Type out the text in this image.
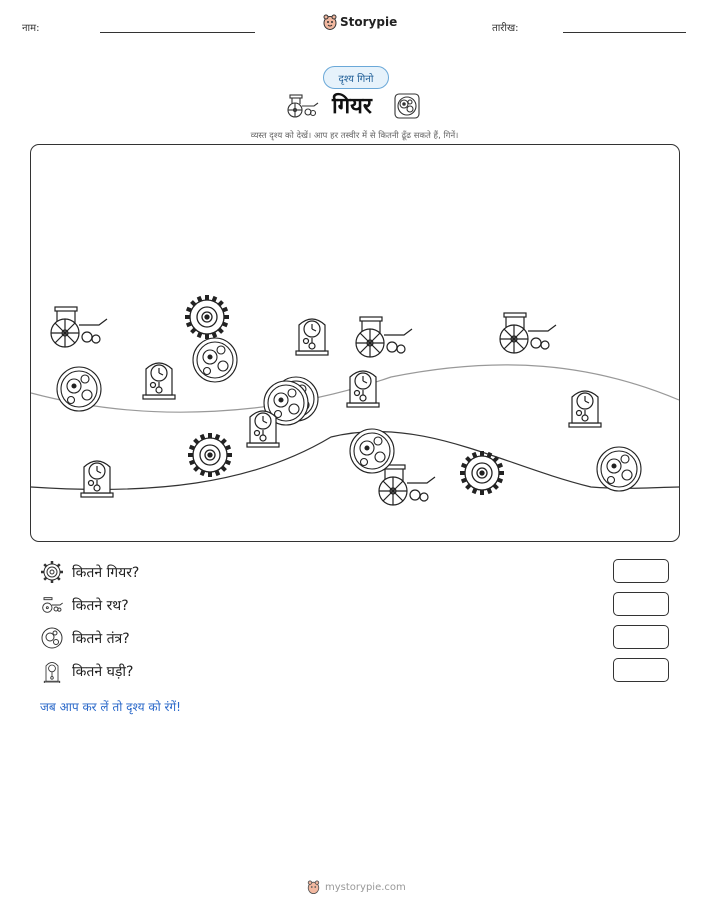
नाम:	Storypie	तारीख:
दृश्य गिनो
गियर
व्यस्त दृश्य को देखें। आप हर तस्वीर में से कितनी ढूँढ सकते हैं, गिनें।
कितने गियर?
कितने रथ?
कितने तंत्र?
कितने घड़ी?
जब आप कर लें तो दृश्य को रंगें!
mystorypie.com
